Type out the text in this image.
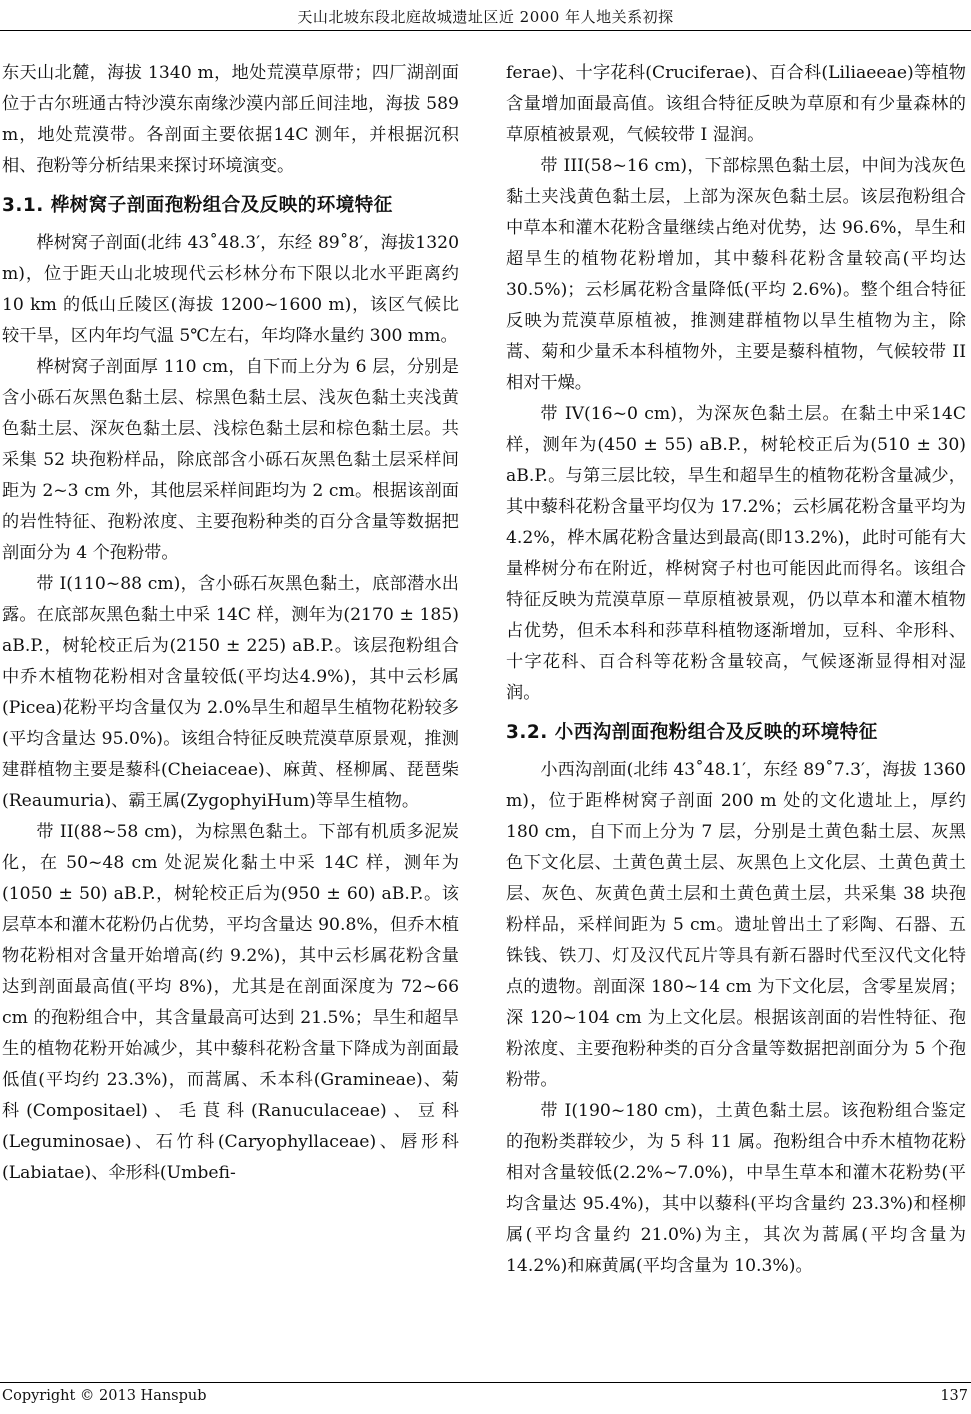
天山北坡东段北庭故城遗址区近 2000 年人地关系初探

东天山北麓，海拔 1340 m，地处荒漠草原带；四厂湖剖面位于古尔班通古特沙漠东南缘沙漠内部丘间洼地，海拔 589 m，地处荒漠带。各剖面主要依据14C 测年，并根据沉积相、孢粉等分析结果来探讨环境演变。

3.1. 桦树窝子剖面孢粉组合及反映的环境特征

桦树窝子剖面(北纬 43˚48.3′，东经 89˚8′，海拔1320 m)，位于距天山北坡现代云杉林分布下限以北水平距离约 10 km 的低山丘陵区(海拔 1200~1600 m)，该区气候比较干旱，区内年均气温 5℃左右，年均降水量约 300 mm。

桦树窝子剖面厚 110 cm，自下而上分为 6 层，分别是含小砾石灰黑色黏土层、棕黑色黏土层、浅灰色黏土夹浅黄色黏土层、深灰色黏土层、浅棕色黏土层和棕色黏土层。共采集 52 块孢粉样品，除底部含小砾石灰黑色黏土层采样间距为 2~3 cm 外，其他层采样间距均为 2 cm。根据该剖面的岩性特征、孢粉浓度、主要孢粉种类的百分含量等数据把剖面分为 4 个孢粉带。

带 I(110~88 cm)，含小砾石灰黑色黏土，底部潜水出露。在底部灰黑色黏土中采 14C 样，测年为(2170 ± 185) aB.P.，树轮校正后为(2150 ± 225) aB.P.。该层孢粉组合中乔木植物花粉相对含量较低(平均达4.9%)，其中云杉属(Picea)花粉平均含量仅为 2.0%旱生和超旱生植物花粉较多(平均含量达 95.0%)。该组合特征反映荒漠草原景观，推测建群植物主要是藜科(Cheiaceae)、麻黄、柽柳属、琵琶柴(Reaumuria)、霸王属(ZygophyiHum)等旱生植物。

带 II(88~58 cm)，为棕黑色黏土。下部有机质多泥炭化，在 50~48 cm 处泥炭化黏土中采 14C 样，测年为(1050 ± 50) aB.P.，树轮校正后为(950 ± 60) aB.P.。该层草本和灌木花粉仍占优势，平均含量达 90.8%，但乔木植物花粉相对含量开始增高(约 9.2%)，其中云杉属花粉含量达到剖面最高值(平均 8%)，尤其是在剖面深度为 72~66 cm 的孢粉组合中，其含量最高可达到 21.5%；旱生和超旱生的植物花粉开始减少，其中藜科花粉含量下降成为剖面最低值(平均约 23.3%)，而蒿属、禾本科(Gramineae)、菊科(Compositael)、毛茛科(Ranuculaceae)、豆科(Leguminosae)、石竹科(Caryophyllaceae)、唇形科(Labiatae)、伞形科(Umbefi-

ferae)、十字花科(Cruciferae)、百合科(Liliaeeae)等植物含量增加面最高值。该组合特征反映为草原和有少量森林的草原植被景观，气候较带 I 湿润。

带 III(58~16 cm)，下部棕黑色黏土层，中间为浅灰色黏土夹浅黄色黏土层，上部为深灰色黏土层。该层孢粉组合中草本和灌木花粉含量继续占绝对优势，达 96.6%，旱生和超旱生的植物花粉增加，其中藜科花粉含量较高(平均达 30.5%)；云杉属花粉含量降低(平均 2.6%)。整个组合特征反映为荒漠草原植被，推测建群植物以旱生植物为主，除蒿、菊和少量禾本科植物外，主要是藜科植物，气候较带 II 相对干燥。

带 IV(16~0 cm)，为深灰色黏土层。在黏土中采14C 样，测年为(450 ± 55) aB.P.，树轮校正后为(510 ± 30) aB.P.。与第三层比较，旱生和超旱生的植物花粉含量减少，其中藜科花粉含量平均仅为 17.2%；云杉属花粉含量平均为 4.2%，桦木属花粉含量达到最高(即13.2%)，此时可能有大量桦树分布在附近，桦树窝子村也可能因此而得名。该组合特征反映为荒漠草原－草原植被景观，仍以草本和灌木植物占优势，但禾本科和莎草科植物逐渐增加，豆科、伞形科、十字花科、百合科等花粉含量较高，气候逐渐显得相对湿润。

3.2. 小西沟剖面孢粉组合及反映的环境特征

小西沟剖面(北纬 43˚48.1′，东经 89˚7.3′，海拔 1360 m)，位于距桦树窝子剖面 200 m 处的文化遗址上，厚约 180 cm，自下而上分为 7 层，分别是土黄色黏土层、灰黑色下文化层、土黄色黄土层、灰黑色上文化层、土黄色黄土层、灰色、灰黄色黄土层和土黄色黄土层，共采集 38 块孢粉样品，采样间距为 5 cm。遗址曾出土了彩陶、石器、五铢钱、铁刀、灯及汉代瓦片等具有新石器时代至汉代文化特点的遗物。剖面深 180~14 cm 为下文化层，含零星炭屑；深 120~104 cm 为上文化层。根据该剖面的岩性特征、孢粉浓度、主要孢粉种类的百分含量等数据把剖面分为 5 个孢粉带。

带 I(190~180 cm)，土黄色黏土层。该孢粉组合鉴定的孢粉类群较少，为 5 科 11 属。孢粉组合中乔木植物花粉相对含量较低(2.2%~7.0%)，中旱生草本和灌木花粉势(平均含量达 95.4%)，其中以藜科(平均含量约 23.3%)和柽柳属(平均含量约 21.0%)为主，其次为蒿属(平均含量为 14.2%)和麻黄属(平均含量为 10.3%)。

Copyright © 2013 Hanspub	137
